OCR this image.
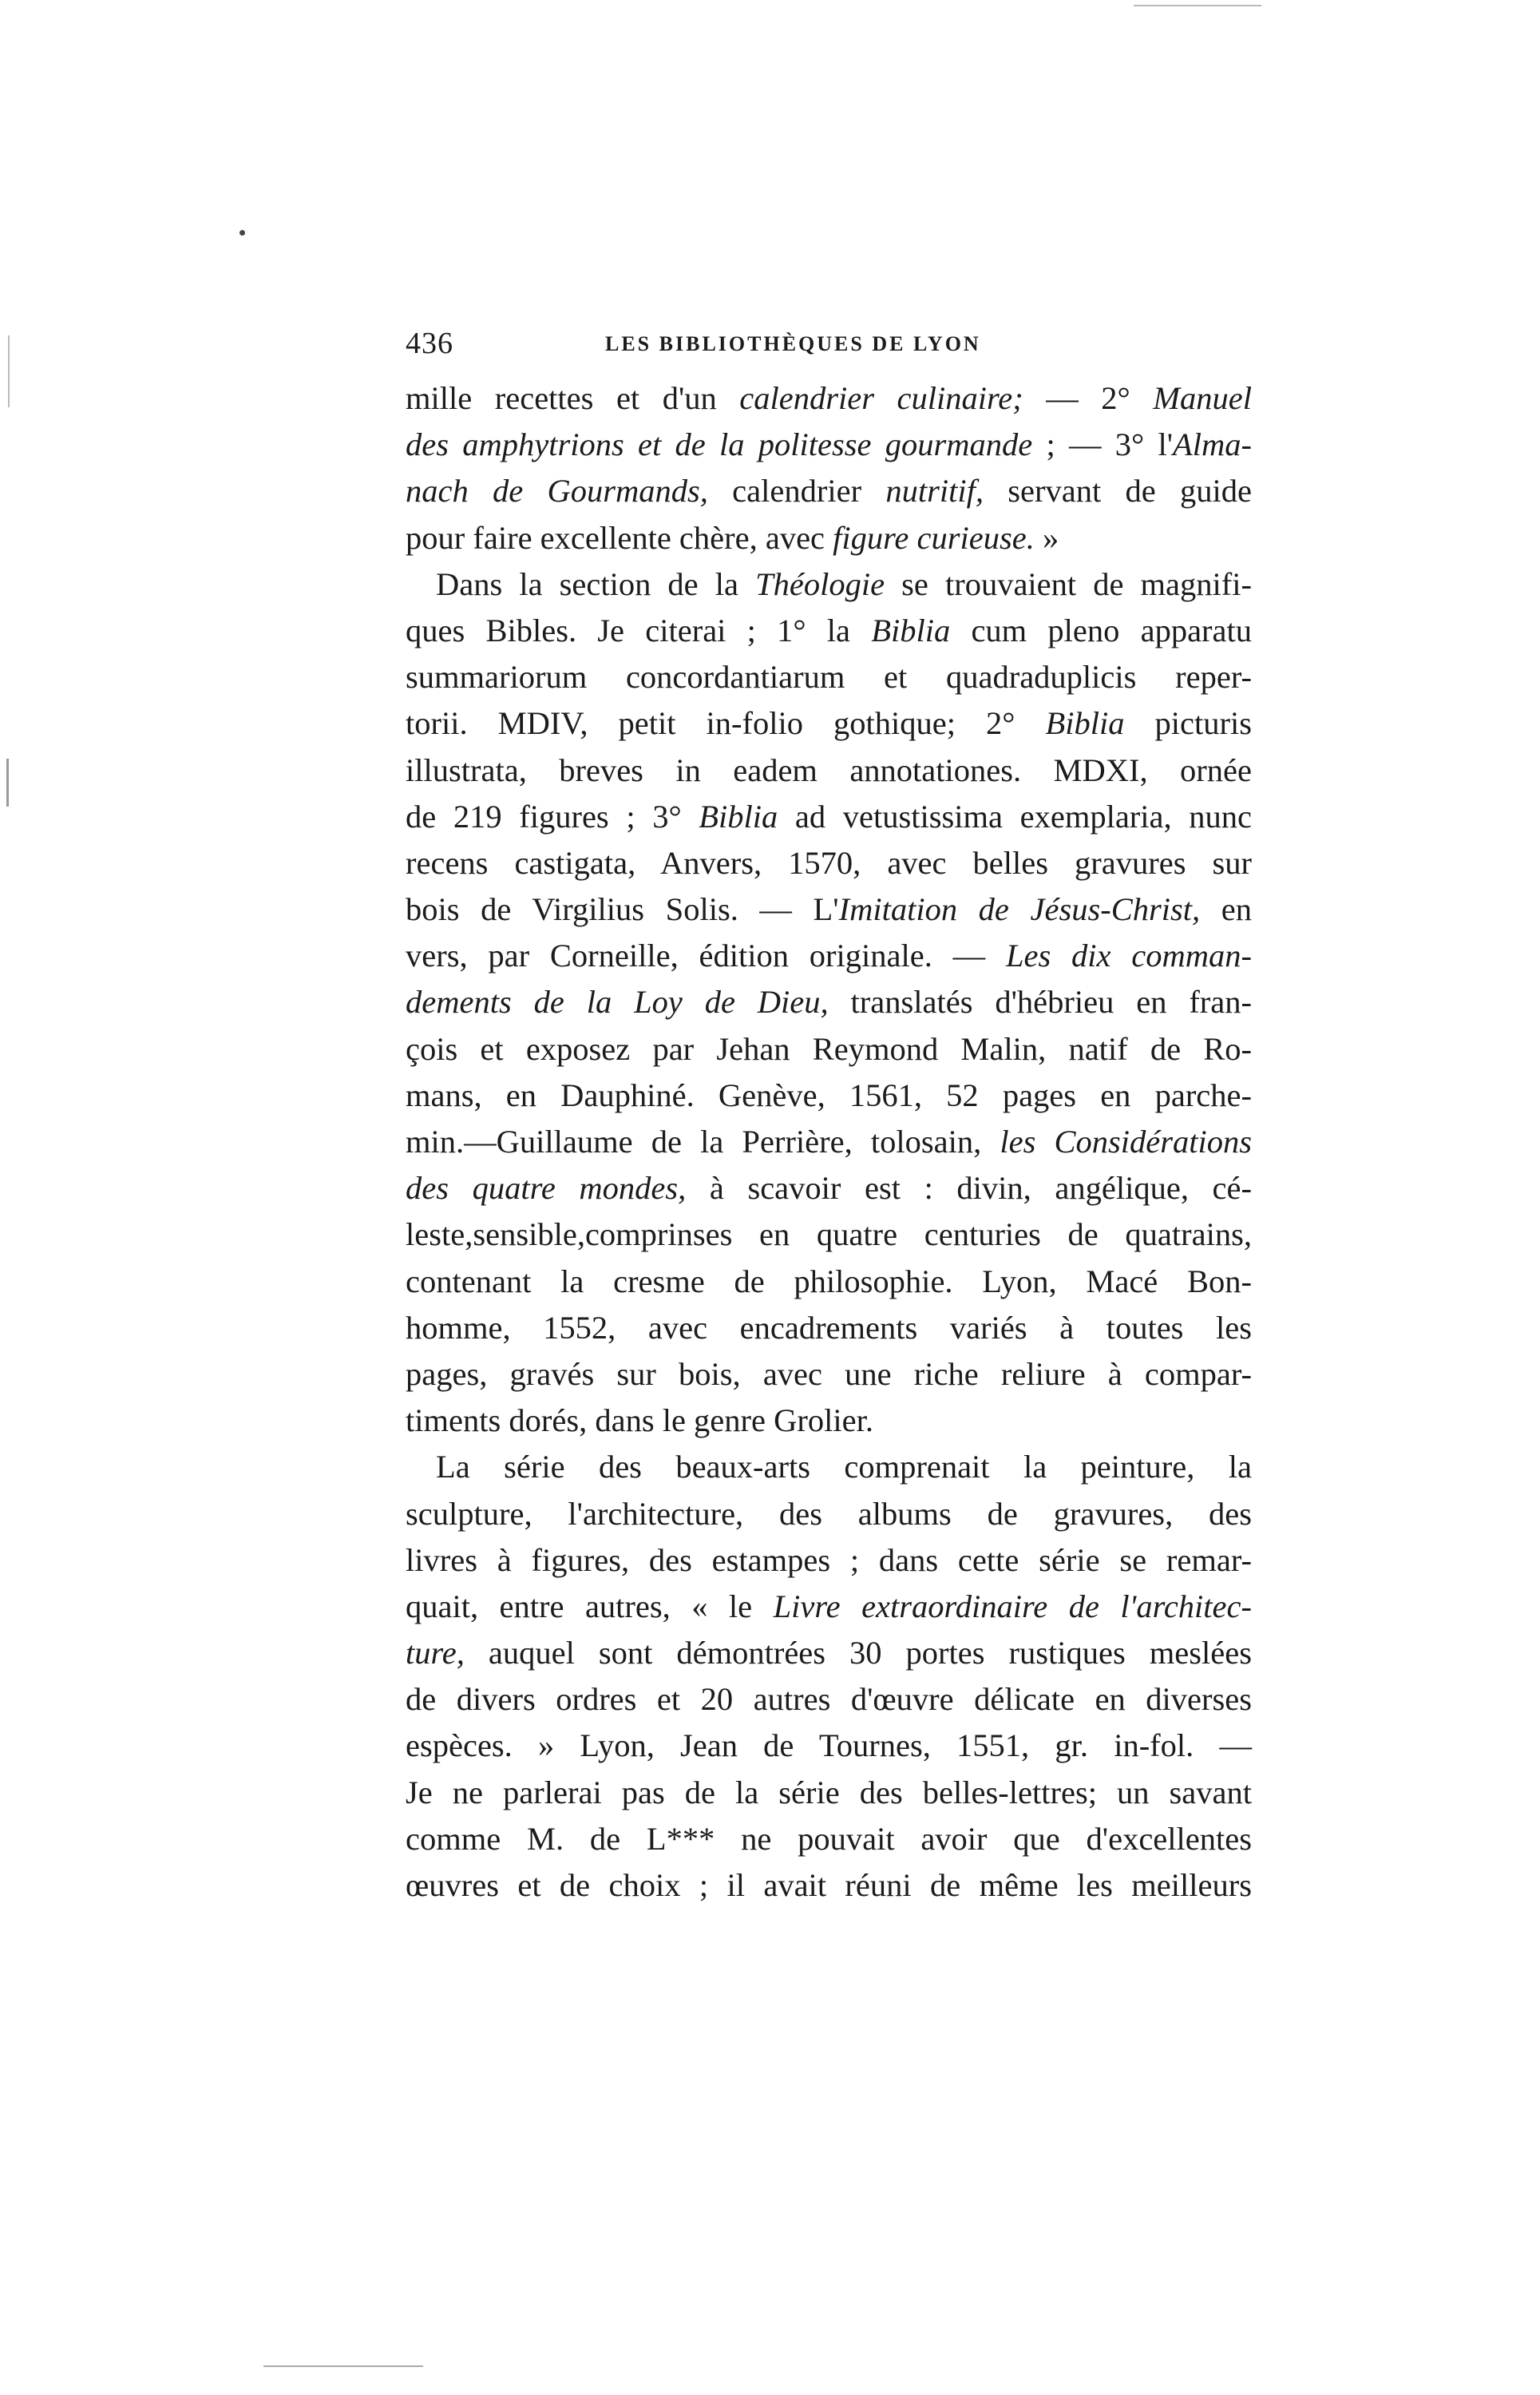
436	LES BIBLIOTHÈQUES DE LYON
mille recettes et d'un calendrier culinaire; — 2° Manuel
des amphytrions et de la politesse gourmande ; — 3° l'Alma-
nach de Gourmands, calendrier nutritif, servant de guide
pour faire excellente chère, avec figure curieuse. »
Dans la section de la Théologie se trouvaient de magnifi-
ques Bibles. Je citerai ; 1° la Biblia cum pleno apparatu
summariorum concordantiarum et quadraduplicis reper-
torii. MDIV, petit in-folio gothique; 2° Biblia picturis
illustrata, breves in eadem annotationes. MDXI, ornée
de 219 figures ; 3° Biblia ad vetustissima exemplaria, nunc
recens castigata, Anvers, 1570, avec belles gravures sur
bois de Virgilius Solis. — L'Imitation de Jésus-Christ, en
vers, par Corneille, édition originale. — Les dix comman-
dements de la Loy de Dieu, translatés d'hébrieu en fran-
çois et exposez par Jehan Reymond Malin, natif de Ro-
mans, en Dauphiné. Genève, 1561, 52 pages en parche-
min.—Guillaume de la Perrière, tolosain, les Considérations
des quatre mondes, à scavoir est : divin, angélique, cé-
leste,sensible,comprinses en quatre centuries de quatrains,
contenant la cresme de philosophie. Lyon, Macé Bon-
homme, 1552, avec encadrements variés à toutes les
pages, gravés sur bois, avec une riche reliure à compar-
timents dorés, dans le genre Grolier.
La série des beaux-arts comprenait la peinture, la
sculpture, l'architecture, des albums de gravures, des
livres à figures, des estampes ; dans cette série se remar-
quait, entre autres, « le Livre extraordinaire de l'architec-
ture, auquel sont démontrées 30 portes rustiques meslées
de divers ordres et 20 autres d'œuvre délicate en diverses
espèces. » Lyon, Jean de Tournes, 1551, gr. in-fol. —
Je ne parlerai pas de la série des belles-lettres; un savant
comme M. de L*** ne pouvait avoir que d'excellentes
œuvres et de choix ; il avait réuni de même les meilleurs
